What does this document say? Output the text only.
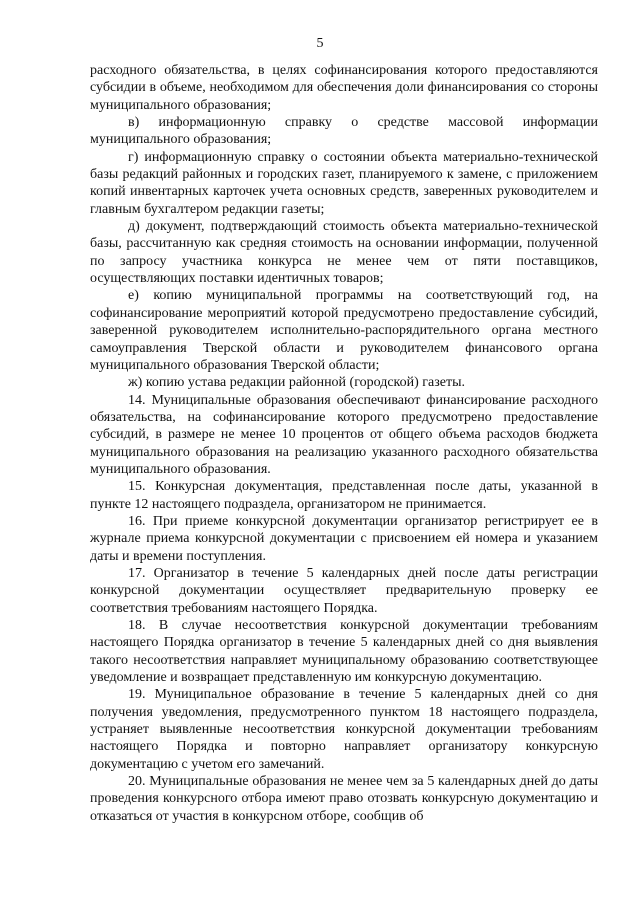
5

расходного обязательства, в целях софинансирования которого предоставляются субсидии в объеме, необходимом для обеспечения доли финансирования со стороны муниципального образования;

в) информационную справку о средстве массовой информации муниципального образования;

г) информационную справку о состоянии объекта материально-технической базы редакций районных и городских газет, планируемого к замене, с приложением копий инвентарных карточек учета основных средств, заверенных руководителем и главным бухгалтером редакции газеты;

д) документ, подтверждающий стоимость объекта материально-технической базы, рассчитанную как средняя стоимость на основании информации, полученной по запросу участника конкурса не менее чем от пяти поставщиков, осуществляющих поставки идентичных товаров;

е) копию муниципальной программы на соответствующий год, на софинансирование мероприятий которой предусмотрено предоставление субсидий, заверенной руководителем исполнительно-распорядительного органа местного самоуправления Тверской области и руководителем финансового органа муниципального образования Тверской области;

ж) копию устава редакции районной (городской) газеты.

14. Муниципальные образования обеспечивают финансирование расходного обязательства, на софинансирование которого предусмотрено предоставление субсидий, в размере не менее 10 процентов от общего объема расходов бюджета муниципального образования на реализацию указанного расходного обязательства муниципального образования.

15. Конкурсная документация, представленная после даты, указанной в пункте 12 настоящего подраздела, организатором не принимается.

16. При приеме конкурсной документации организатор регистрирует ее в журнале приема конкурсной документации с присвоением ей номера и указанием даты и времени поступления.

17. Организатор в течение 5 календарных дней после даты регистрации конкурсной документации осуществляет предварительную проверку ее соответствия требованиям настоящего Порядка.

18. В случае несоответствия конкурсной документации требованиям настоящего Порядка организатор в течение 5 календарных дней со дня выявления такого несоответствия направляет муниципальному образованию соответствующее уведомление и возвращает представленную им конкурсную документацию.

19. Муниципальное образование в течение 5 календарных дней со дня получения уведомления, предусмотренного пунктом 18 настоящего подраздела, устраняет выявленные несоответствия конкурсной документации требованиям настоящего Порядка и повторно направляет организатору конкурсную документацию с учетом его замечаний.

20. Муниципальные образования не менее чем за 5 календарных дней до даты проведения конкурсного отбора имеют право отозвать конкурсную документацию и отказаться от участия в конкурсном отборе, сообщив об
